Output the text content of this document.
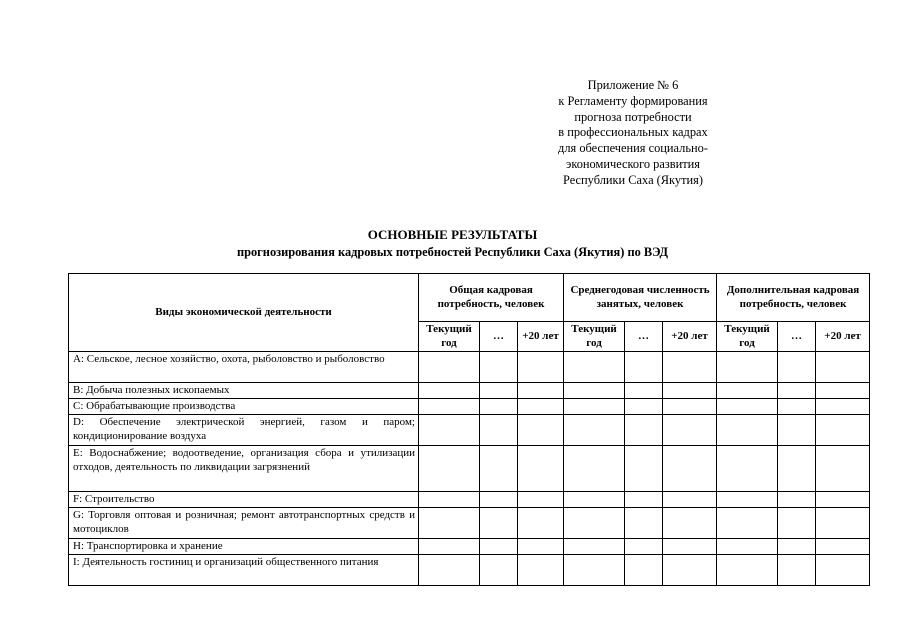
Приложение № 6
к Регламенту формирования
прогноза потребности
в профессиональных кадрах
для обеспечения социально-
экономического развития
Республики Саха (Якутия)
ОСНОВНЫЕ РЕЗУЛЬТАТЫ
прогнозирования кадровых потребностей Республики Саха (Якутия) по ВЭД
Виды экономической деятельности	Общая кадровая потребность, человек			Среднегодовая численность занятых, человек			Дополнительная кадровая потребность, человек		
	Текущий год	…	+20 лет	Текущий год	…	+20 лет	Текущий год	…	+20 лет
A: Сельское, лесное хозяйство, охота, рыболовство и рыболовство									
B: Добыча полезных ископаемых									
C: Обрабатывающие производства									
D: Обеспечение электрической энергией, газом и паром; кондиционирование воздуха									
E: Водоснабжение; водоотведение, организация сбора и утилизации отходов, деятельность по ликвидации загрязнений									
F: Строительство									
G: Торговля оптовая и розничная; ремонт автотранспортных средств и мотоциклов									
H: Транспортировка и хранение									
I: Деятельность гостиниц и организаций общественного питания									
